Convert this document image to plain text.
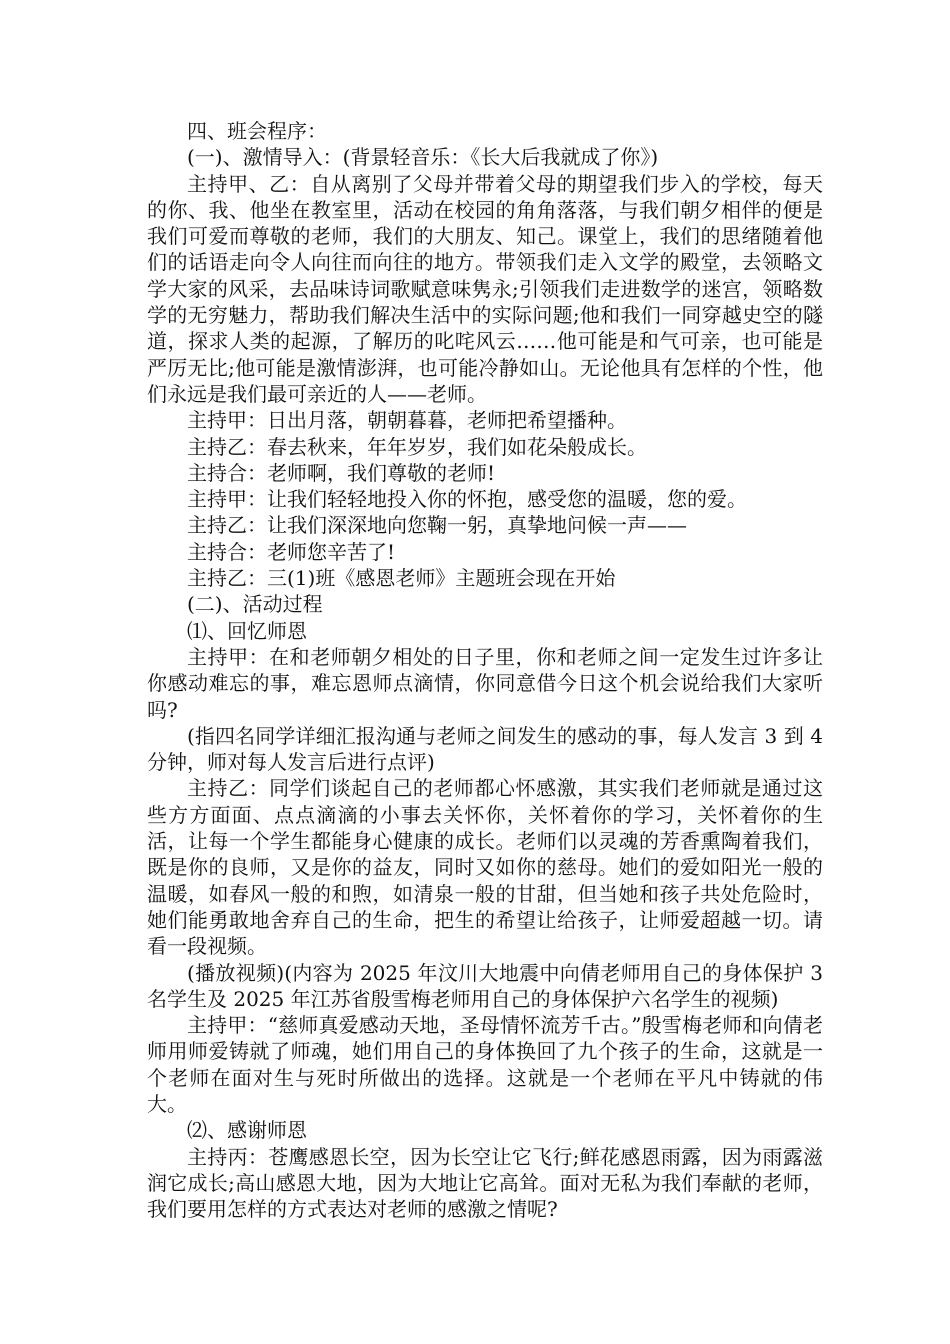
四、班会程序：

(一)、激情导入：(背景轻音乐：《长大后我就成了你》)

主持甲、乙：自从离别了父母并带着父母的期望我们步入的学校，每天的你、我、他坐在教室里，活动在校园的角角落落，与我们朝夕相伴的便是我们可爱而尊敬的老师，我们的大朋友、知己。课堂上，我们的思绪随着他们的话语走向令人向往而向往的地方。带领我们走入文学的殿堂，去领略文学大家的风采，去品味诗词歌赋意味隽永;引领我们走进数学的迷宫，领略数学的无穷魅力，帮助我们解决生活中的实际问题;他和我们一同穿越史空的隧道，探求人类的起源，了解历的叱咤风云……他可能是和气可亲，也可能是严厉无比;他可能是激情澎湃，也可能冷静如山。无论他具有怎样的个性，他们永远是我们最可亲近的人——老师。

主持甲：日出月落，朝朝暮暮，老师把希望播种。

主持乙：春去秋来，年年岁岁，我们如花朵般成长。

主持合：老师啊，我们尊敬的老师!

主持甲：让我们轻轻地投入你的怀抱，感受您的温暖，您的爱。

主持乙：让我们深深地向您鞠一躬，真挚地问候一声——

主持合：老师您辛苦了!

主持乙：三(1)班《感恩老师》主题班会现在开始

(二)、活动过程

⑴、回忆师恩

主持甲：在和老师朝夕相处的日子里，你和老师之间一定发生过许多让你感动难忘的事，难忘恩师点滴情，你同意借今日这个机会说给我们大家听吗?

(指四名同学详细汇报沟通与老师之间发生的感动的事，每人发言 3 到 4 分钟，师对每人发言后进行点评)

主持乙：同学们谈起自己的老师都心怀感激，其实我们老师就是通过这些方方面面、点点滴滴的小事去关怀你，关怀着你的学习，关怀着你的生活，让每一个学生都能身心健康的成长。老师们以灵魂的芳香熏陶着我们，既是你的良师，又是你的益友，同时又如你的慈母。她们的爱如阳光一般的温暖，如春风一般的和煦，如清泉一般的甘甜，但当她和孩子共处危险时，她们能勇敢地舍弃自己的生命，把生的希望让给孩子，让师爱超越一切。请看一段视频。

(播放视频)(内容为 2025 年汶川大地震中向倩老师用自己的身体保护 3 名学生及 2025 年江苏省殷雪梅老师用自己的身体保护六名学生的视频)

主持甲：“慈师真爱感动天地，圣母情怀流芳千古。”殷雪梅老师和向倩老师用师爱铸就了师魂，她们用自己的身体换回了九个孩子的生命，这就是一个老师在面对生与死时所做出的选择。这就是一个老师在平凡中铸就的伟大。

⑵、感谢师恩

主持丙：苍鹰感恩长空，因为长空让它飞行;鲜花感恩雨露，因为雨露滋润它成长;高山感恩大地，因为大地让它高耸。面对无私为我们奉献的老师，我们要用怎样的方式表达对老师的感激之情呢?
